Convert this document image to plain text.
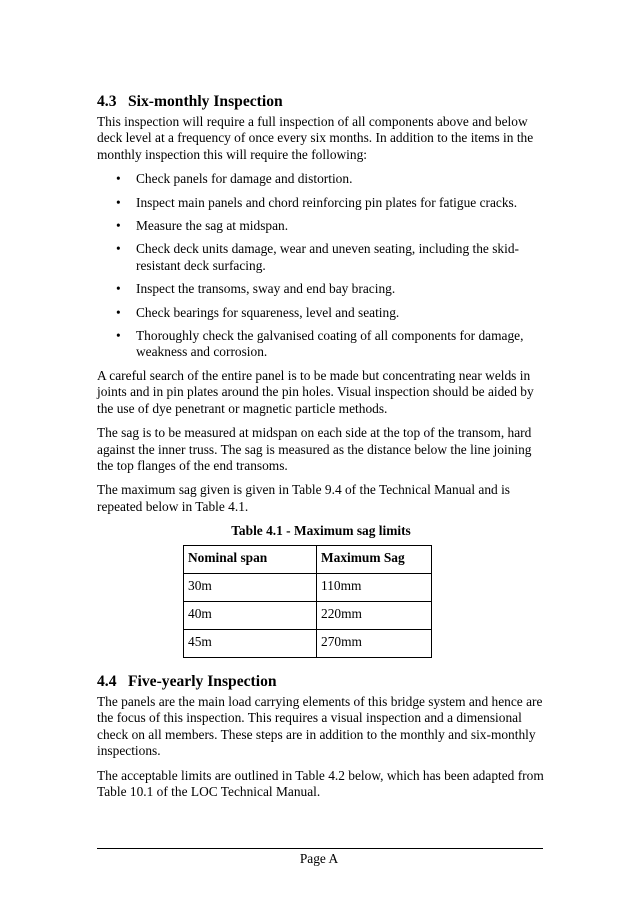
4.3 Six-monthly Inspection

This inspection will require a full inspection of all components above and below deck level at a frequency of once every six months. In addition to the items in the monthly inspection this will require the following:

• Check panels for damage and distortion.
• Inspect main panels and chord reinforcing pin plates for fatigue cracks.
• Measure the sag at midspan.
• Check deck units damage, wear and uneven seating, including the skid-resistant deck surfacing.
• Inspect the transoms, sway and end bay bracing.
• Check bearings for squareness, level and seating.
• Thoroughly check the galvanised coating of all components for damage, weakness and corrosion.

A careful search of the entire panel is to be made but concentrating near welds in joints and in pin plates around the pin holes. Visual inspection should be aided by the use of dye penetrant or magnetic particle methods.

The sag is to be measured at midspan on each side at the top of the transom, hard against the inner truss. The sag is measured as the distance below the line joining the top flanges of the end transoms.

The maximum sag given is given in Table 9.4 of the Technical Manual and is repeated below in Table 4.1.

Table 4.1 - Maximum sag limits
Nominal span	Maximum Sag
30m	110mm
40m	220mm
45m	270mm
4.4 Five-yearly Inspection

The panels are the main load carrying elements of this bridge system and hence are the focus of this inspection. This requires a visual inspection and a dimensional check on all members. These steps are in addition to the monthly and six-monthly inspections.

The acceptable limits are outlined in Table 4.2 below, which has been adapted from Table 10.1 of the LOC Technical Manual.

Page A
